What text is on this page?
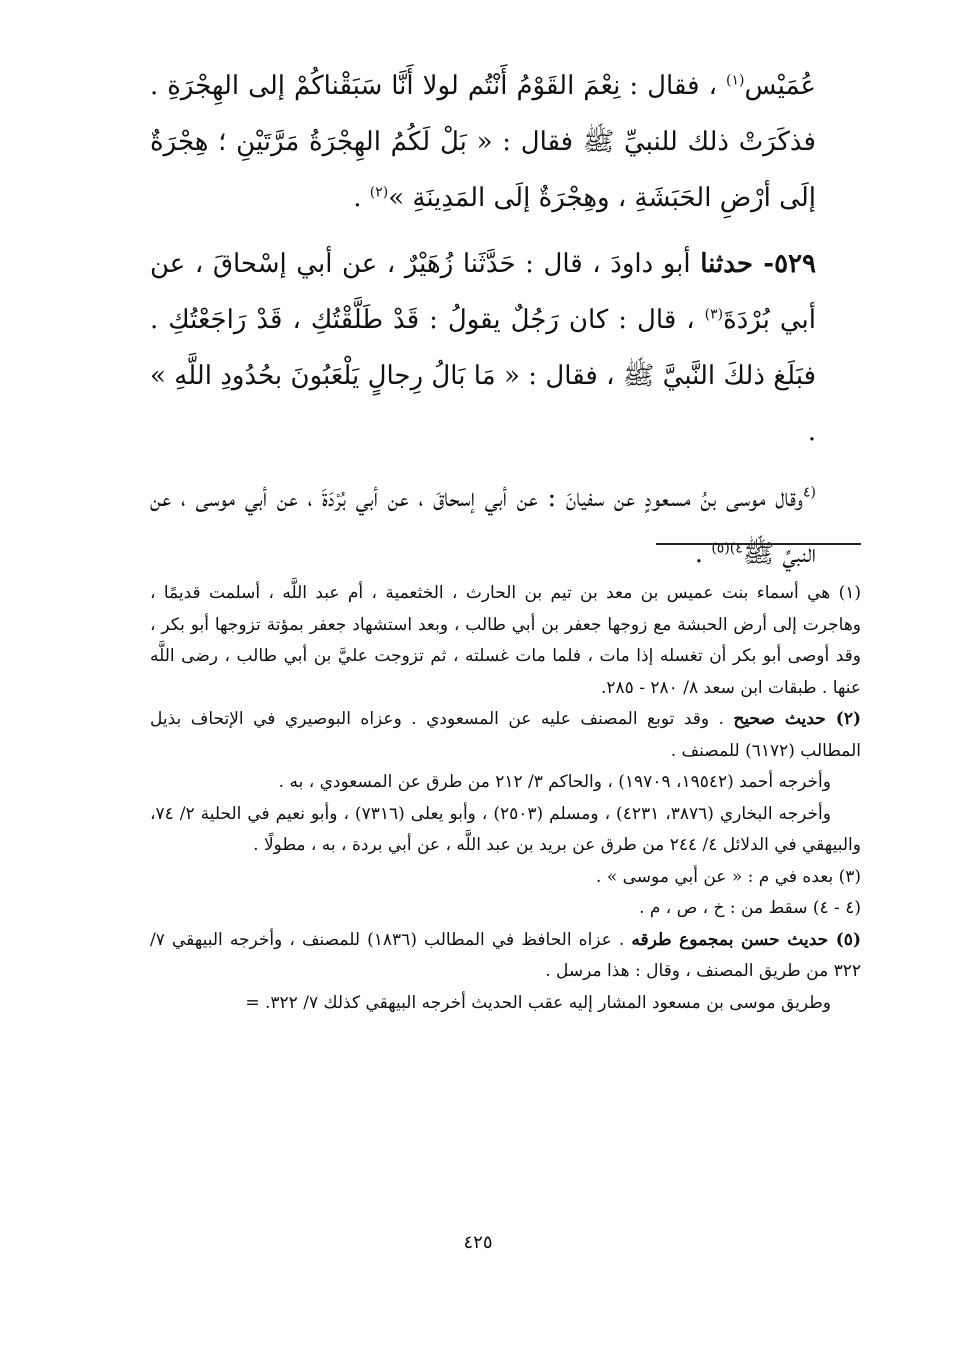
عُمَيْس$^{(١)}$ ، فقال : نِعْمَ القَوْمُ أَنْتُم لولا أَنَّا سَبَقْناكُمْ إلى الهِجْرَةِ . فذكَرَتْ ذلك للنبيِّ ﷺ فقال : « بَلْ لَكُمُ الهِجْرَةُ مَرَّتَيْنِ ؛ هِجْرَةٌ إلَى أرْضِ الحَبَشَةِ ، وهِجْرَةٌ إلَى المَدِينَةِ »$^{(٢)}$ .

٥٢٩- حدثنا أبو داودَ ، قال : حَدَّثَنا زُهَيْرٌ ، عن أبي إسْحاقَ ، عن أبي بُرْدَةَ$^{(٣)}$ ، قال : كان رَجُلٌ يقولُ : قَدْ طَلَّقْتُكِ ، قَدْ رَاجَعْتُكِ . فبَلَغ ذلكَ النَّبيَّ ﷺ ، فقال : « مَا بَالُ رِجالٍ يَلْعَبُونَ بحُدُودِ اللَّهِ » .

$^{(٤}$وقال موسى بنُ مسعودٍ عن سفيانَ : عن أبي إسحاقَ ، عن أبي بُرْدَةَ ، عن أبي موسى ، عن النبيِّ ﷺ$^{٤)(٥)}$ .

(١) هي أسماء بنت عميس بن معد بن تيم بن الحارث ، الخثعمية ، أم عبد اللَّه ، أسلمت قديمًا ، وهاجرت إلى أرض الحبشة مع زوجها جعفر بن أبي طالب ، وبعد استشهاد جعفر بمؤتة تزوجها أبو بكر ، وقد أوصى أبو بكر أن تغسله إذا مات ، فلما مات غسلته ، ثم تزوجت عليَّ بن أبي طالب ، رضى اللَّه عنها . طبقات ابن سعد ٨/ ٢٨٠ - ٢٨٥.

(٢) حديث صحيح . وقد توبع المصنف عليه عن المسعودي . وعزاه البوصيري في الإتحاف بذيل المطالب (٦١٧٢) للمصنف .

وأخرجه أحمد (١٩٥٤٢، ١٩٧٠٩) ، والحاكم ٣/ ٢١٢ من طرق عن المسعودي ، به .

وأخرجه البخاري (٣٨٧٦، ٤٢٣١) ، ومسلم (٢٥٠٣) ، وأبو يعلى (٧٣١٦) ، وأبو نعيم في الحلية ٢/ ٧٤، والبيهقي في الدلائل ٤/ ٢٤٤ من طرق عن بريد بن عبد اللَّه ، عن أبي بردة ، به ، مطولًا .

(٣) بعده في م : « عن أبي موسى » .

(٤ - ٤) سقط من : خ ، ص ، م .

(٥) حديث حسن بمجموع طرقه . عزاه الحافظ في المطالب (١٨٣٦) للمصنف ، وأخرجه البيهقي ٧/ ٣٢٢ من طريق المصنف ، وقال : هذا مرسل .

وطريق موسى بن مسعود المشار إليه عقب الحديث أخرجه البيهقي كذلك ٧/ ٣٢٢. =

٤٢٥
